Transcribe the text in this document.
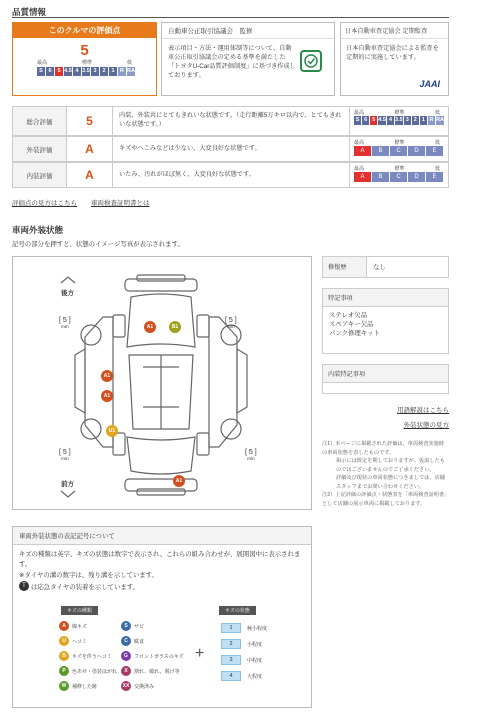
品質情報
このクルマの評価点
5
最高	標準	低
S	6	5 4.5 4 3.5 3	2	1 R RA
自動車公正取引協議会　監修
表示項目・方法・運用体制等について、自動車公正取引協議会の定める基準を満たした「トヨタU-Car品質評価制度」に基づき作成しております。
日本自動車査定協会 定期監査
日本自動車査定協会による監査を定期的に実施しています。
JAAI
総合評価	5	内装、外装共にとてもきれいな状態です。（走行距離5万キロ以内で、とてもきれいな状態です。）
最高	標準	低
S 6 5 4.5 4 3.5 3 2 1 R RA
外装評価	A	キズやへこみなどは少ない、大変良好な状態です。
最高	標準	低
A	B	C	D	E
内装評価	A	いたみ、汚れがほぼ無く、大変良好な状態です。
最高	標準	低
A	B	C	D	E
評価点の見方はこちら 車両検査証明書とは
車両外装状態
記号の部分を押すと、状態のイメージ写真が表示されます。
後方
前方
[ 5 ]
mm
[ 5 ]
mm
[ 5 ]
mm
[ 5 ]
mm
A1	B1
A1
A1
U1
A1
修復歴	なし
特記事項
ステレオ欠品
スペアキー欠品
パンク修理キット
内装特記事項
用語解説はこちら
外装状態の見方
注1）本ページに掲載された評価は、車両検査実施時の車両状態を表したものです。
掲示には既定を期しておりますが、仮説したものではございませんのでご了承ください。
詳細及び現状の車両状態につきましては、店舗スタッフまでお問い合わせください。
注2）上記評価の評価点・状態表を「車両検査証明書」として店舗の展示車両に掲載しております。
車両外装状態の表記記号について
キズの種類は英字、キズの状態は数字で表示され、これらの組み合わせが、展開図中に表示されます。
※タイヤの溝の数字は、残り溝を示しています。
T は応急タイヤの装着を示しています。
キズの種類	キズの状態
A	線キズ
U	ヘコミ
B	キズを伴うヘコミ
P	色あせ・塗装はがれ
W	補修した跡
S	サビ
C	腐食
G	フロントガラスのキズ
X	割れ、破れ、脱け等
XX 交換済み
+
1	極小程度
2	小程度
3	中程度
4	大程度
